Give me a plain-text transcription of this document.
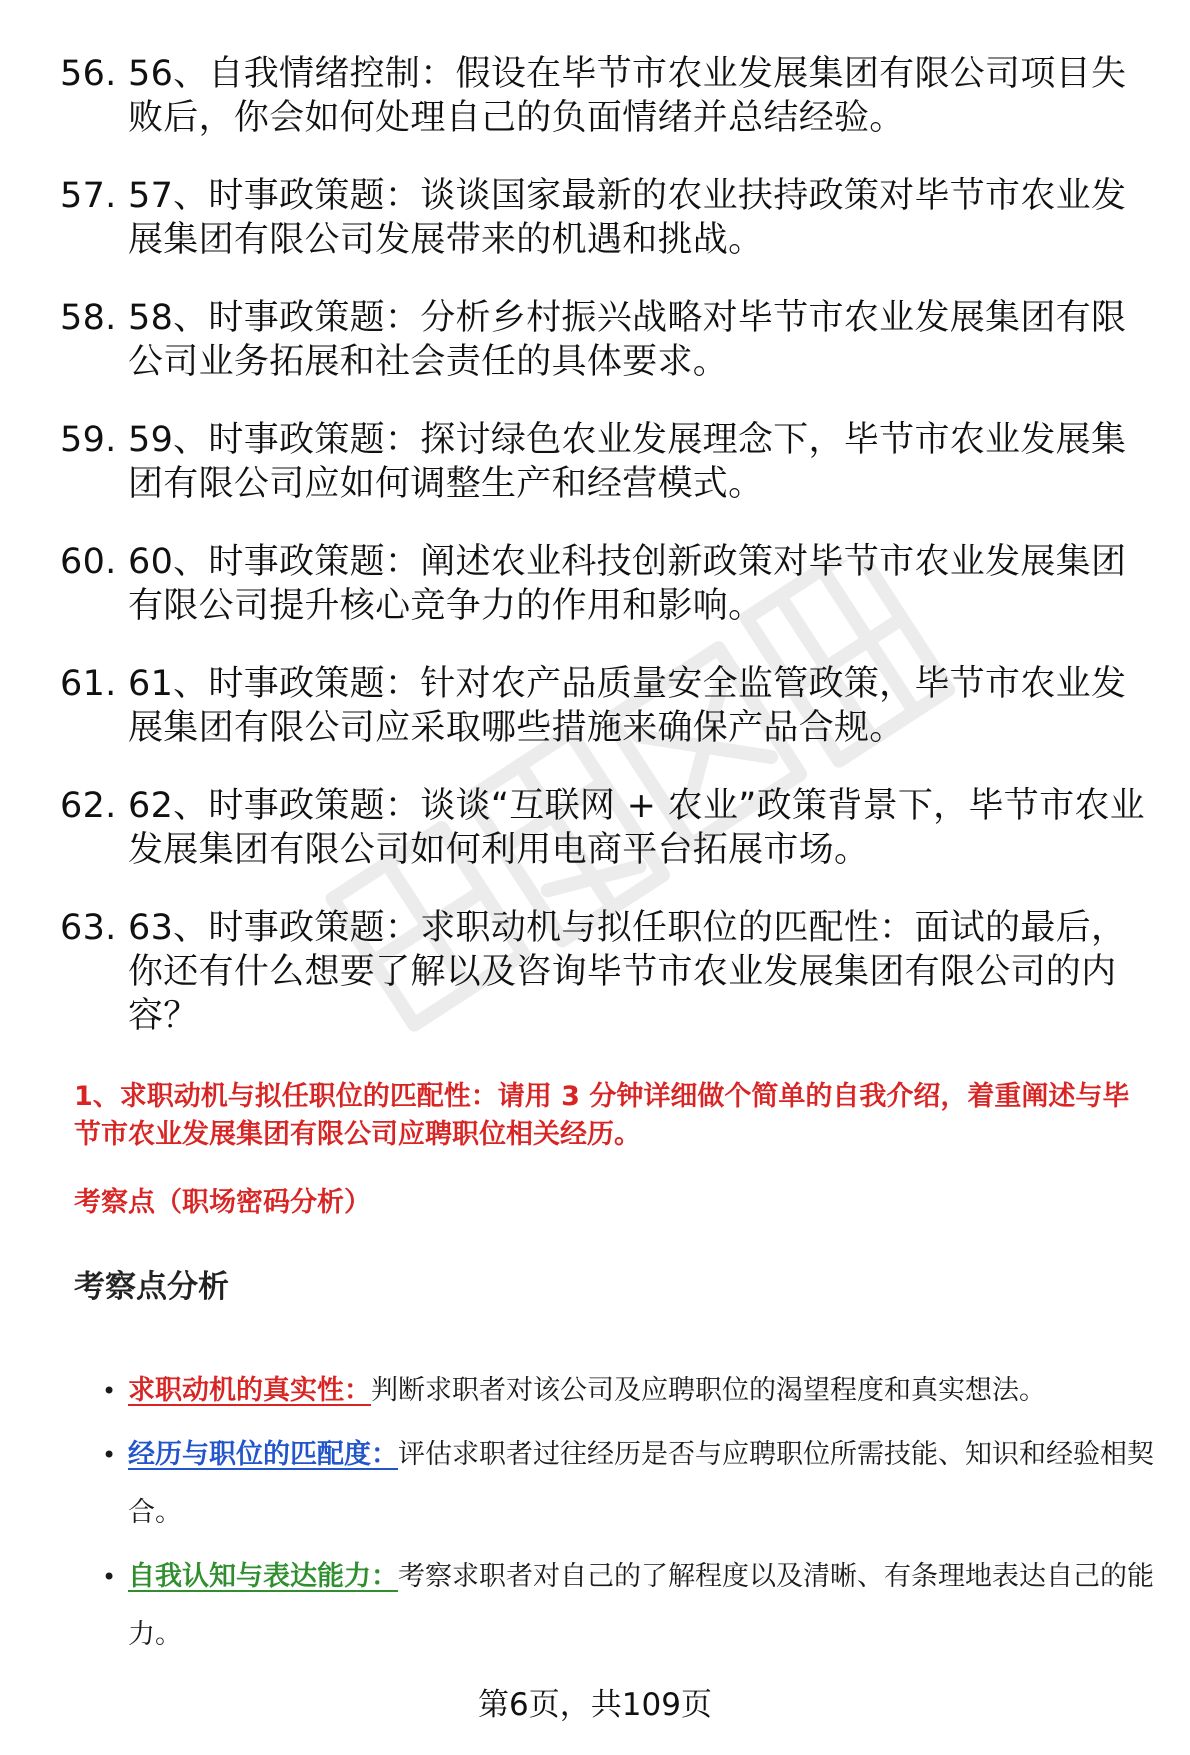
56. 56、自我情绪控制：假设在毕节市农业发展集团有限公司项目失败后，你会如何处理自己的负面情绪并总结经验。
57. 57、时事政策题：谈谈国家最新的农业扶持政策对毕节市农业发展集团有限公司发展带来的机遇和挑战。
58. 58、时事政策题：分析乡村振兴战略对毕节市农业发展集团有限公司业务拓展和社会责任的具体要求。
59. 59、时事政策题：探讨绿色农业发展理念下，毕节市农业发展集团有限公司应如何调整生产和经营模式。
60. 60、时事政策题：阐述农业科技创新政策对毕节市农业发展集团有限公司提升核心竞争力的作用和影响。
61. 61、时事政策题：针对农产品质量安全监管政策，毕节市农业发展集团有限公司应采取哪些措施来确保产品合规。
62. 62、时事政策题：谈谈“互联网 + 农业”政策背景下，毕节市农业发展集团有限公司如何利用电商平台拓展市场。
63. 63、时事政策题：求职动机与拟任职位的匹配性：面试的最后，你还有什么想要了解以及咨询毕节市农业发展集团有限公司的内容？
1、求职动机与拟任职位的匹配性：请用 3 分钟详细做个简单的自我介绍，着重阐述与毕节市农业发展集团有限公司应聘职位相关经历。
考察点（职场密码分析）
考察点分析
• 求职动机的真实性：判断求职者对该公司及应聘职位的渴望程度和真实想法。
• 经历与职位的匹配度：评估求职者过往经历是否与应聘职位所需技能、知识和经验相契合。
• 自我认知与表达能力：考察求职者对自己的了解程度以及清晰、有条理地表达自己的能力。
第6页，共109页
